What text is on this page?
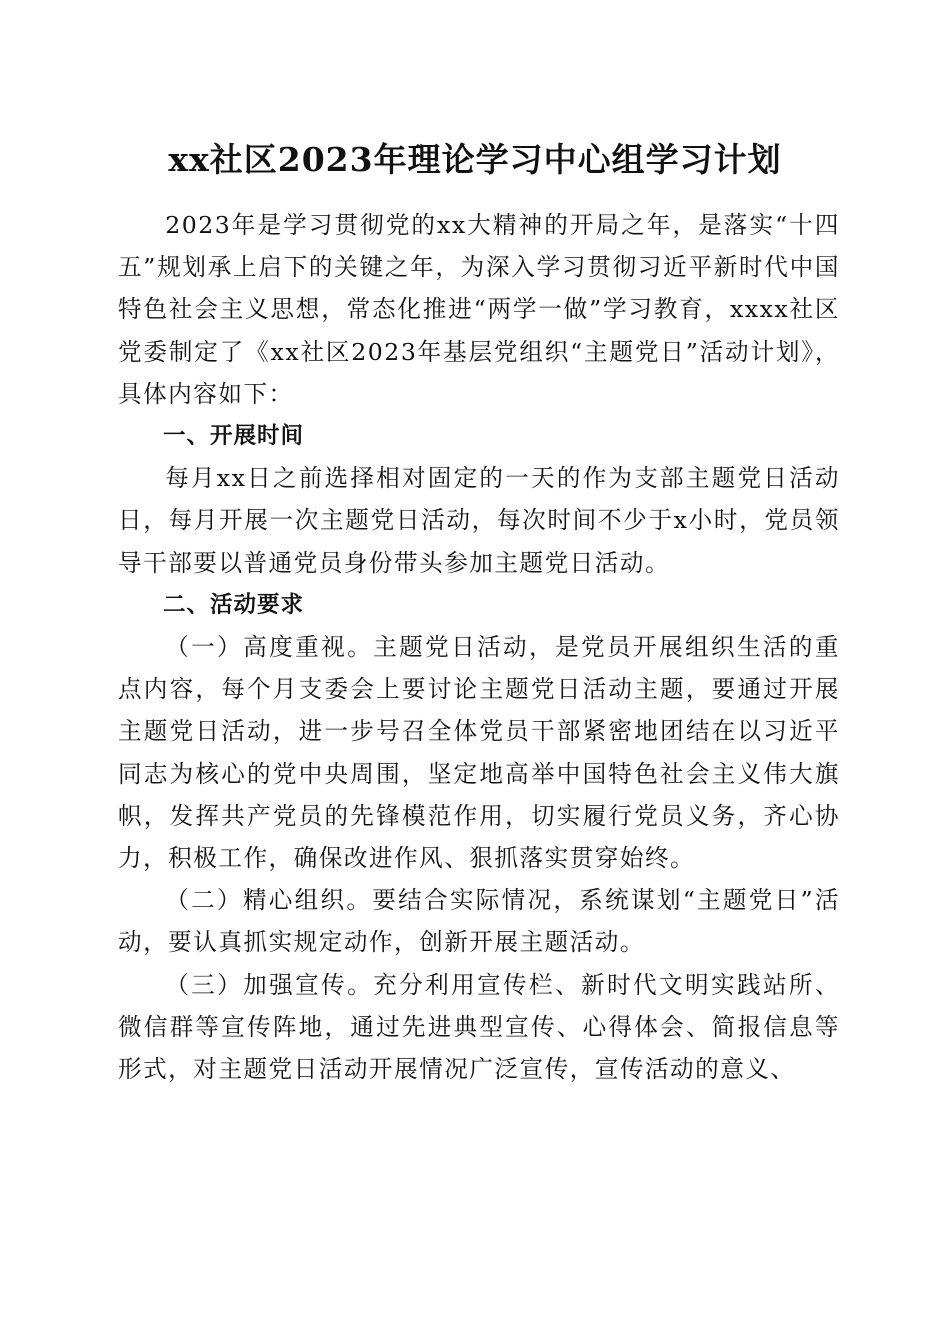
xx社区2023年理论学习中心组学习计划

2023年是学习贯彻党的xx大精神的开局之年，是落实“十四五”规划承上启下的关键之年，为深入学习贯彻习近平新时代中国特色社会主义思想，常态化推进“两学一做”学习教育，xxxx社区党委制定了《xx社区2023年基层党组织“主题党日”活动计划》，具体内容如下：

一、开展时间

每月xx日之前选择相对固定的一天的作为支部主题党日活动日，每月开展一次主题党日活动，每次时间不少于x小时，党员领导干部要以普通党员身份带头参加主题党日活动。

二、活动要求

（一）高度重视。主题党日活动，是党员开展组织生活的重点内容，每个月支委会上要讨论主题党日活动主题，要通过开展主题党日活动，进一步号召全体党员干部紧密地团结在以习近平同志为核心的党中央周围，坚定地高举中国特色社会主义伟大旗帜，发挥共产党员的先锋模范作用，切实履行党员义务，齐心协力，积极工作，确保改进作风、狠抓落实贯穿始终。

（二）精心组织。要结合实际情况，系统谋划“主题党日”活动，要认真抓实规定动作，创新开展主题活动。

（三）加强宣传。充分利用宣传栏、新时代文明实践站所、微信群等宣传阵地，通过先进典型宣传、心得体会、简报信息等形式，对主题党日活动开展情况广泛宣传，宣传活动的意义、
